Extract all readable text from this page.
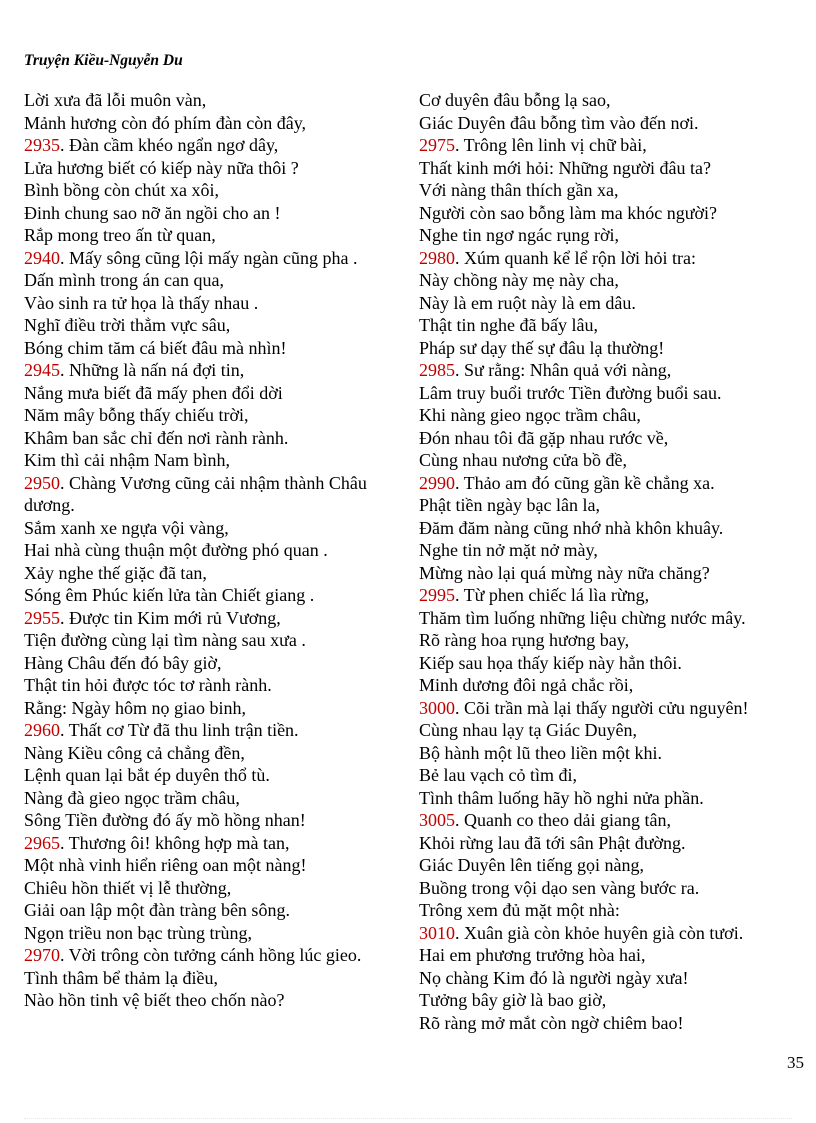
Truyện Kiều-Nguyễn Du
Lời xưa đã lỗi muôn vàn,
Mảnh hương còn đó phím đàn còn đây,
2935. Đàn cầm khéo ngẩn ngơ dây,
Lửa hương biết có kiếp này nữa thôi ?
Bình bồng còn chút xa xôi,
Đinh chung sao nỡ ăn ngồi cho an !
Rắp mong treo ấn từ quan,
2940. Mấy sông cũng lội mấy ngàn cũng pha .
Dấn mình trong án can qua,
Vào sinh ra tử họa là thấy nhau .
Nghĩ điều trời thẳm vực sâu,
Bóng chim tăm cá biết đâu mà nhìn!
2945. Những là nấn ná đợi tin,
Nắng mưa biết đã mấy phen đổi dời
Năm mây bỗng thấy chiếu trời,
Khâm ban sắc chỉ đến nơi rành rành.
Kim thì cải nhậm Nam bình,
2950. Chàng Vương cũng cải nhậm thành Châu dương.
Sắm xanh xe ngựa vội vàng,
Hai nhà cùng thuận một đường phó quan .
Xảy nghe thế giặc đã tan,
Sóng êm Phúc kiến lửa tàn Chiết giang .
2955. Được tin Kim mới rủ Vương,
Tiện đường cùng lại tìm nàng sau xưa .
Hàng Châu đến đó bây giờ,
Thật tin hỏi được tóc tơ rành rành.
Rằng: Ngày hôm nọ giao binh,
2960. Thất cơ Từ đã thu linh trận tiền.
Nàng Kiều công cả chẳng đền,
Lệnh quan lại bắt ép duyên thổ tù.
Nàng đà gieo ngọc trầm châu,
Sông Tiền đường đó ấy mồ hồng nhan!
2965. Thương ôi! không hợp mà tan,
Một nhà vinh hiển riêng oan một nàng!
Chiêu hồn thiết vị lễ thường,
Giải oan lập một đàn tràng bên sông.
Ngọn triều non bạc trùng trùng,
2970. Vời trông còn tưởng cánh hồng lúc gieo.
Tình thâm bể thảm lạ điều,
Nào hồn tinh vệ biết theo chốn nào?
Cơ duyên đâu bỗng lạ sao,
Giác Duyên đâu bỗng tìm vào đến nơi.
2975. Trông lên linh vị chữ bài,
Thất kinh mới hỏi: Những người đâu ta?
Với nàng thân thích gần xa,
Người còn sao bỗng làm ma khóc người?
Nghe tin ngơ ngác rụng rời,
2980. Xúm quanh kể lể rộn lời hỏi tra:
Này chồng này mẹ này cha,
Này là em ruột này là em dâu.
Thật tin nghe đã bấy lâu,
Pháp sư dạy thế sự đâu lạ thường!
2985. Sư rằng: Nhân quả với nàng,
Lâm truy buổi trước Tiền đường buổi sau.
Khi nàng gieo ngọc trầm châu,
Đón nhau tôi đã gặp nhau rước về,
Cùng nhau nương cửa bồ đề,
2990. Thảo am đó cũng gần kề chẳng xa.
Phật tiền ngày bạc lân la,
Đăm đăm nàng cũng nhớ nhà khôn khuây.
Nghe tin nở mặt nở mày,
Mừng nào lại quá mừng này nữa chăng?
2995. Từ phen chiếc lá lìa rừng,
Thăm tìm luống những liệu chừng nước mây.
Rõ ràng hoa rụng hương bay,
Kiếp sau họa thấy kiếp này hẳn thôi.
Minh dương đôi ngả chắc rồi,
3000. Cõi trần mà lại thấy người cửu nguyên!
Cùng nhau lạy tạ Giác Duyên,
Bộ hành một lũ theo liền một khi.
Bẻ lau vạch cỏ tìm đi,
Tình thâm luống hãy hồ nghi nửa phần.
3005. Quanh co theo dải giang tân,
Khỏi rừng lau đã tới sân Phật đường.
Giác Duyên lên tiếng gọi nàng,
Buồng trong vội dạo sen vàng bước ra.
Trông xem đủ mặt một nhà:
3010. Xuân già còn khỏe huyên già còn tươi.
Hai em phương trưởng hòa hai,
Nọ chàng Kim đó là người ngày xưa!
Tưởng bây giờ là bao giờ,
Rõ ràng mở mắt còn ngờ chiêm bao!
35
